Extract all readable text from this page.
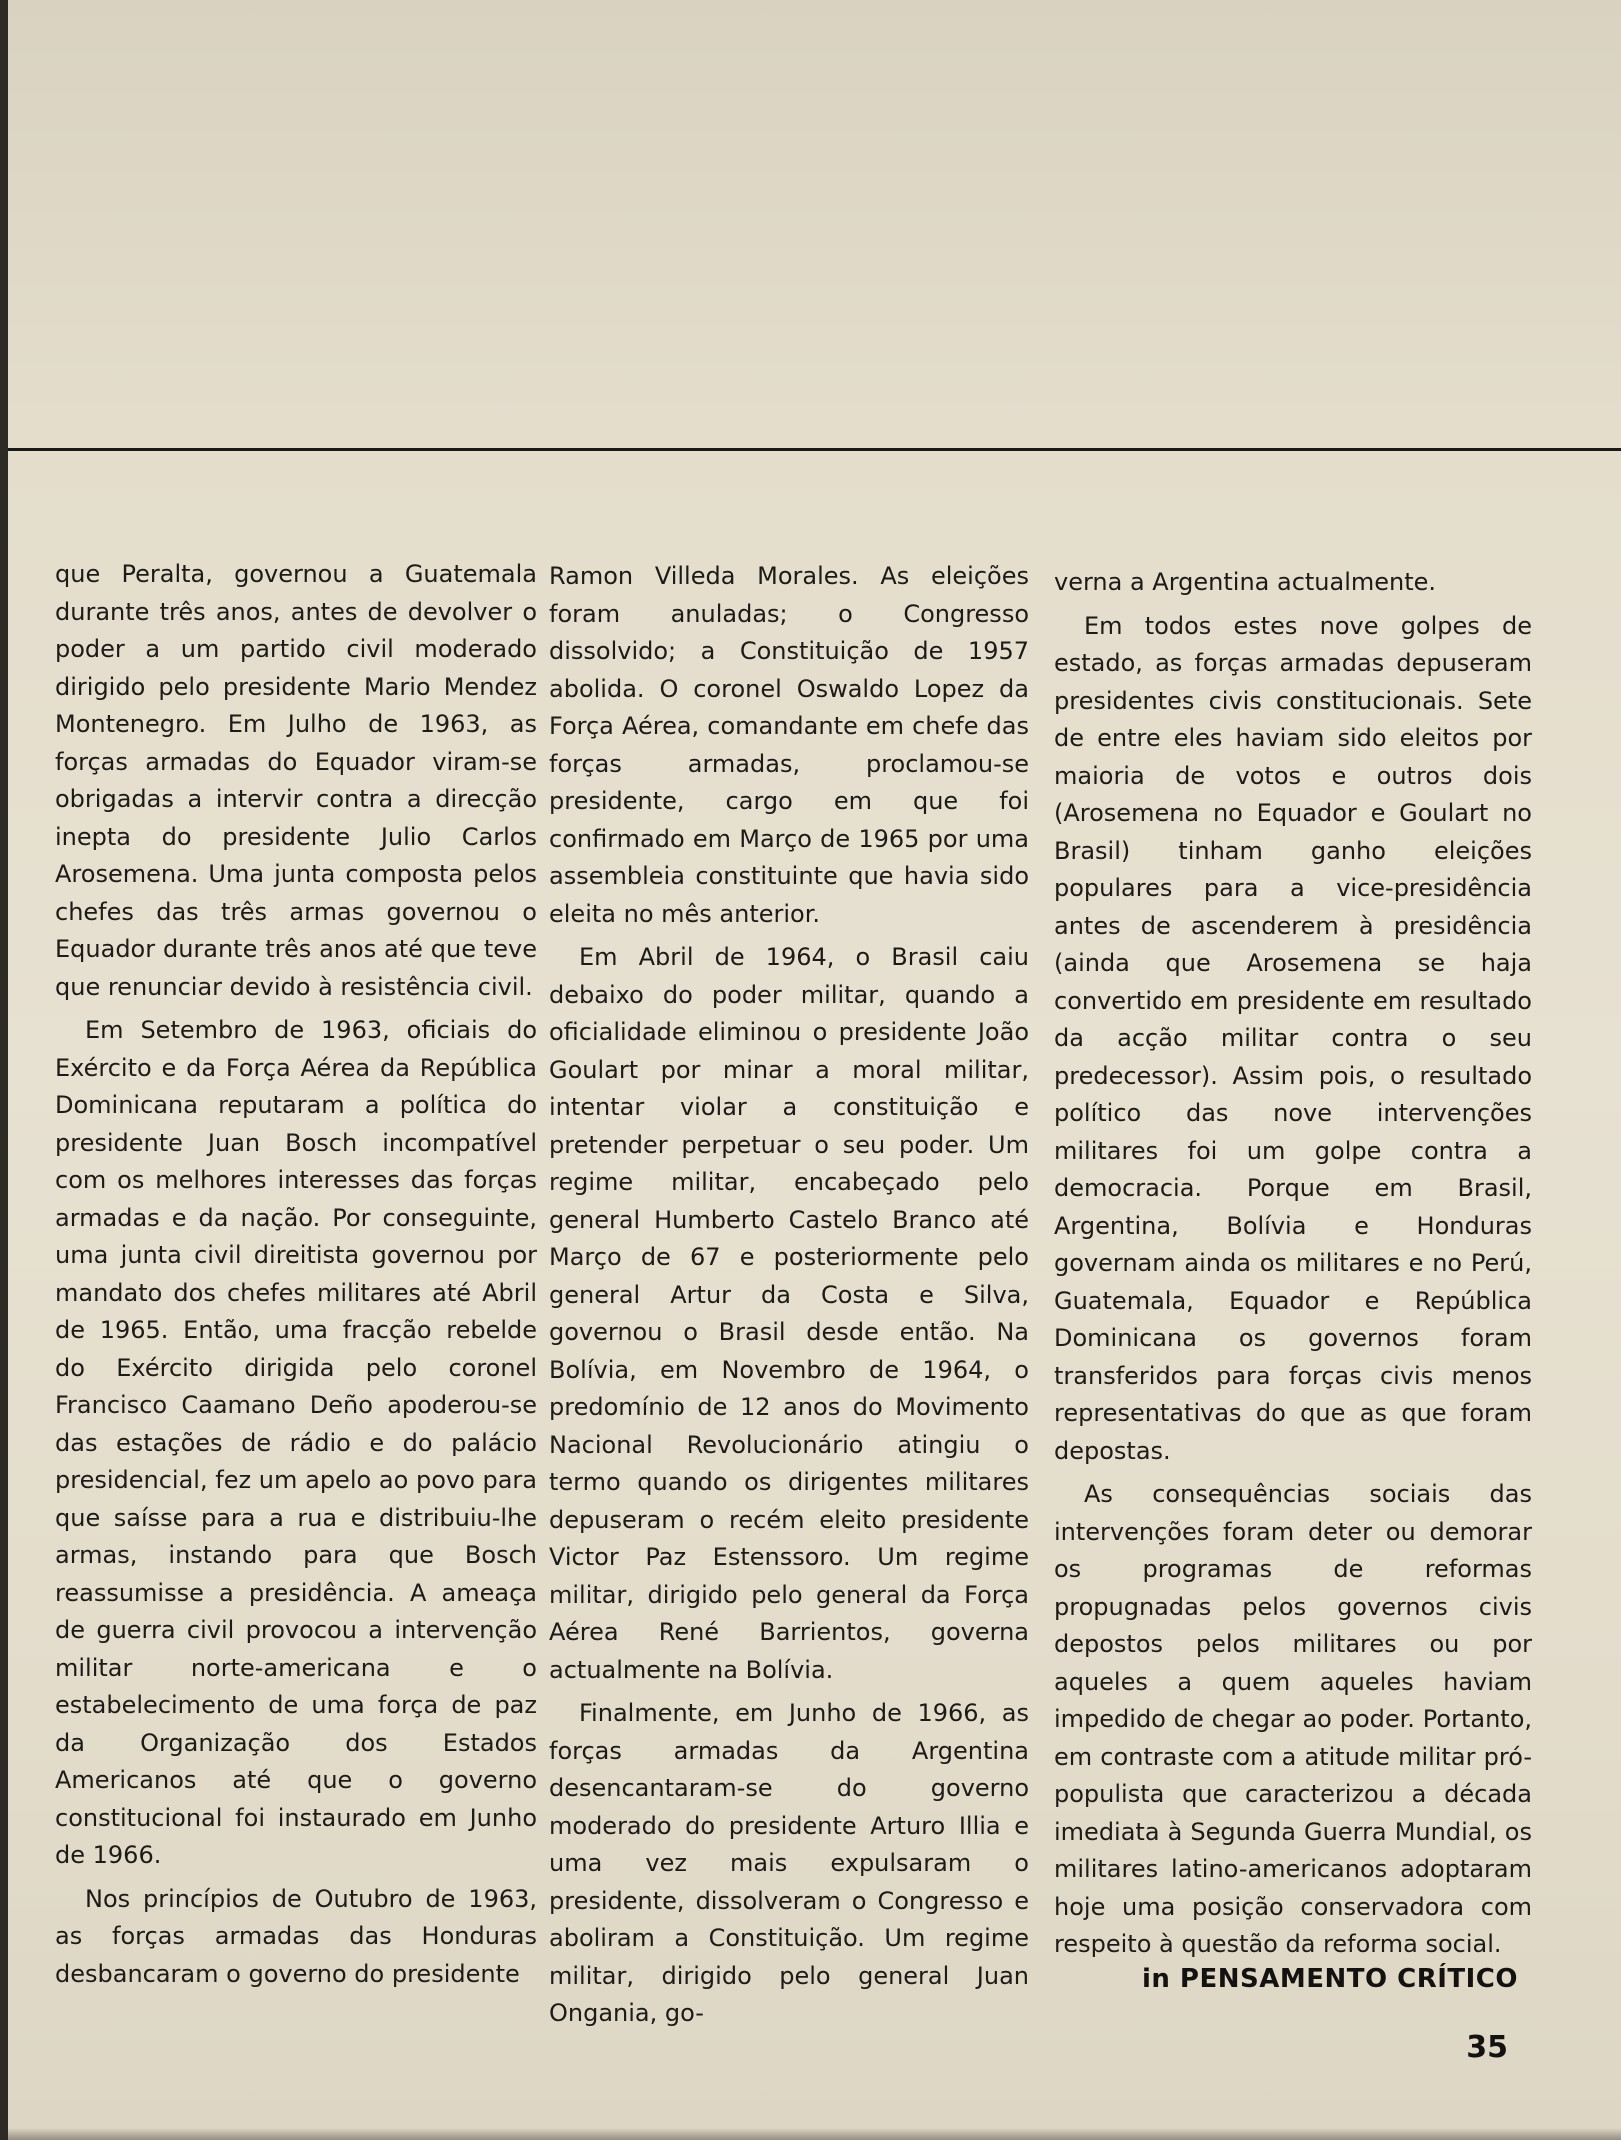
que Peralta, governou a Guatemala durante três anos, antes de devolver o poder a um partido civil moderado dirigido pelo presidente Mario Mendez Montenegro. Em Julho de 1963, as forças armadas do Equador viram-se obrigadas a intervir contra a direcção inepta do presidente Julio Carlos Arosemena. Uma junta composta pelos chefes das três armas governou o Equador durante três anos até que teve que renunciar devido à resistência civil.

Em Setembro de 1963, oficiais do Exército e da Força Aérea da República Dominicana reputaram a política do presidente Juan Bosch incompatível com os melhores interesses das forças armadas e da nação. Por conseguinte, uma junta civil direitista governou por mandato dos chefes militares até Abril de 1965. Então, uma fracção rebelde do Exército dirigida pelo coronel Francisco Caamano Deño apoderou-se das estações de rádio e do palácio presidencial, fez um apelo ao povo para que saísse para a rua e distribuiu-lhe armas, instando para que Bosch reassumisse a presidência. A ameaça de guerra civil provocou a intervenção militar norte-americana e o estabelecimento de uma força de paz da Organização dos Estados Americanos até que o governo constitucional foi instaurado em Junho de 1966.

Nos princípios de Outubro de 1963, as forças armadas das Honduras desbancaram o governo do presidente

Ramon Villeda Morales. As eleições foram anuladas; o Congresso dissolvido; a Constituição de 1957 abolida. O coronel Oswaldo Lopez da Força Aérea, comandante em chefe das forças armadas, proclamou-se presidente, cargo em que foi confirmado em Março de 1965 por uma assembleia constituinte que havia sido eleita no mês anterior.

Em Abril de 1964, o Brasil caiu debaixo do poder militar, quando a oficialidade eliminou o presidente João Goulart por minar a moral militar, intentar violar a constituição e pretender perpetuar o seu poder. Um regime militar, encabeçado pelo general Humberto Castelo Branco até Março de 67 e posteriormente pelo general Artur da Costa e Silva, governou o Brasil desde então. Na Bolívia, em Novembro de 1964, o predomínio de 12 anos do Movimento Nacional Revolucionário atingiu o termo quando os dirigentes militares depuseram o recém eleito presidente Victor Paz Estenssoro. Um regime militar, dirigido pelo general da Força Aérea René Barrientos, governa actualmente na Bolívia.

Finalmente, em Junho de 1966, as forças armadas da Argentina desencantaram-se do governo moderado do presidente Arturo Illia e uma vez mais expulsaram o presidente, dissolveram o Congresso e aboliram a Constituição. Um regime militar, dirigido pelo general Juan Ongania, go-

verna a Argentina actualmente.

Em todos estes nove golpes de estado, as forças armadas depuseram presidentes civis constitucionais. Sete de entre eles haviam sido eleitos por maioria de votos e outros dois (Arosemena no Equador e Goulart no Brasil) tinham ganho eleições populares para a vice-presidência antes de ascenderem à presidência (ainda que Arosemena se haja convertido em presidente em resultado da acção militar contra o seu predecessor). Assim pois, o resultado político das nove intervenções militares foi um golpe contra a democracia. Porque em Brasil, Argentina, Bolívia e Honduras governam ainda os militares e no Perú, Guatemala, Equador e República Dominicana os governos foram transferidos para forças civis menos representativas do que as que foram depostas.

As consequências sociais das intervenções foram deter ou demorar os programas de reformas propugnadas pelos governos civis depostos pelos militares ou por aqueles a quem aqueles haviam impedido de chegar ao poder. Portanto, em contraste com a atitude militar pró-populista que caracterizou a década imediata à Segunda Guerra Mundial, os militares latino-americanos adoptaram hoje uma posição conservadora com respeito à questão da reforma social.

in PENSAMENTO CRÍTICO
35
